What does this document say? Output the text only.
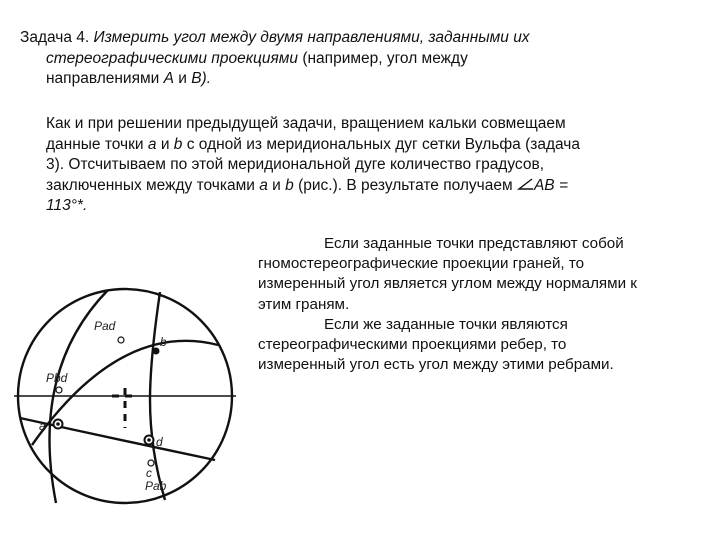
Pad
Pbd
b
a
d
c
Pab
Задача 4. Измерить угол между двумя направлениями, заданными их
стереографическими проекциями (например, угол между
направлениями А и В).
Как и при решении предыдущей задачи, вращением кальки совмещаем
данные точки а и b с одной из меридиональных дуг сетки Вульфа (задача
3). Отсчитываем по этой меридиональной дуге количество градусов,
заключенных между точками а и b (рис.). В результате получаем АВ =
113°*.
Если заданные точки представляют собой
гномостереографические проекции граней, то
измеренный угол является углом между нормалями к
этим граням.
Если же заданные точки являются
стереографическими проекциями ребер, то
измеренный угол есть угол между этими ребрами.
